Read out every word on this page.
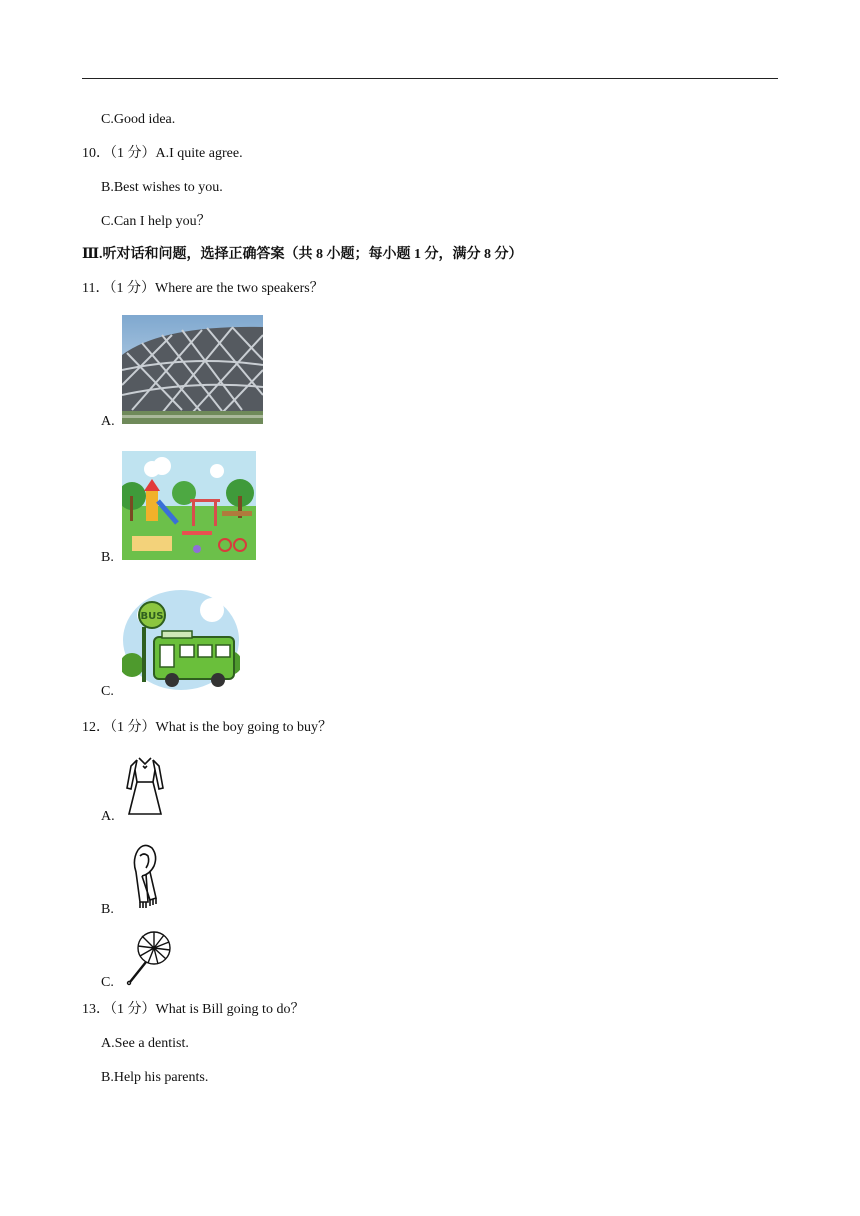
C.Good idea.
10．（1 分）A.I quite agree.
B.Best wishes to you.
C.Can I help you？
Ⅲ.听对话和问题，选择正确答案（共 8 小题；每小题 1 分，满分 8 分）
11．（1 分）Where are the two speakers？
A.
B.
C.
BUS
12．（1 分）What is the boy going to buy？
A.
B.
C.
13．（1 分）What is Bill going to do？
A.See a dentist.
B.Help his parents.
